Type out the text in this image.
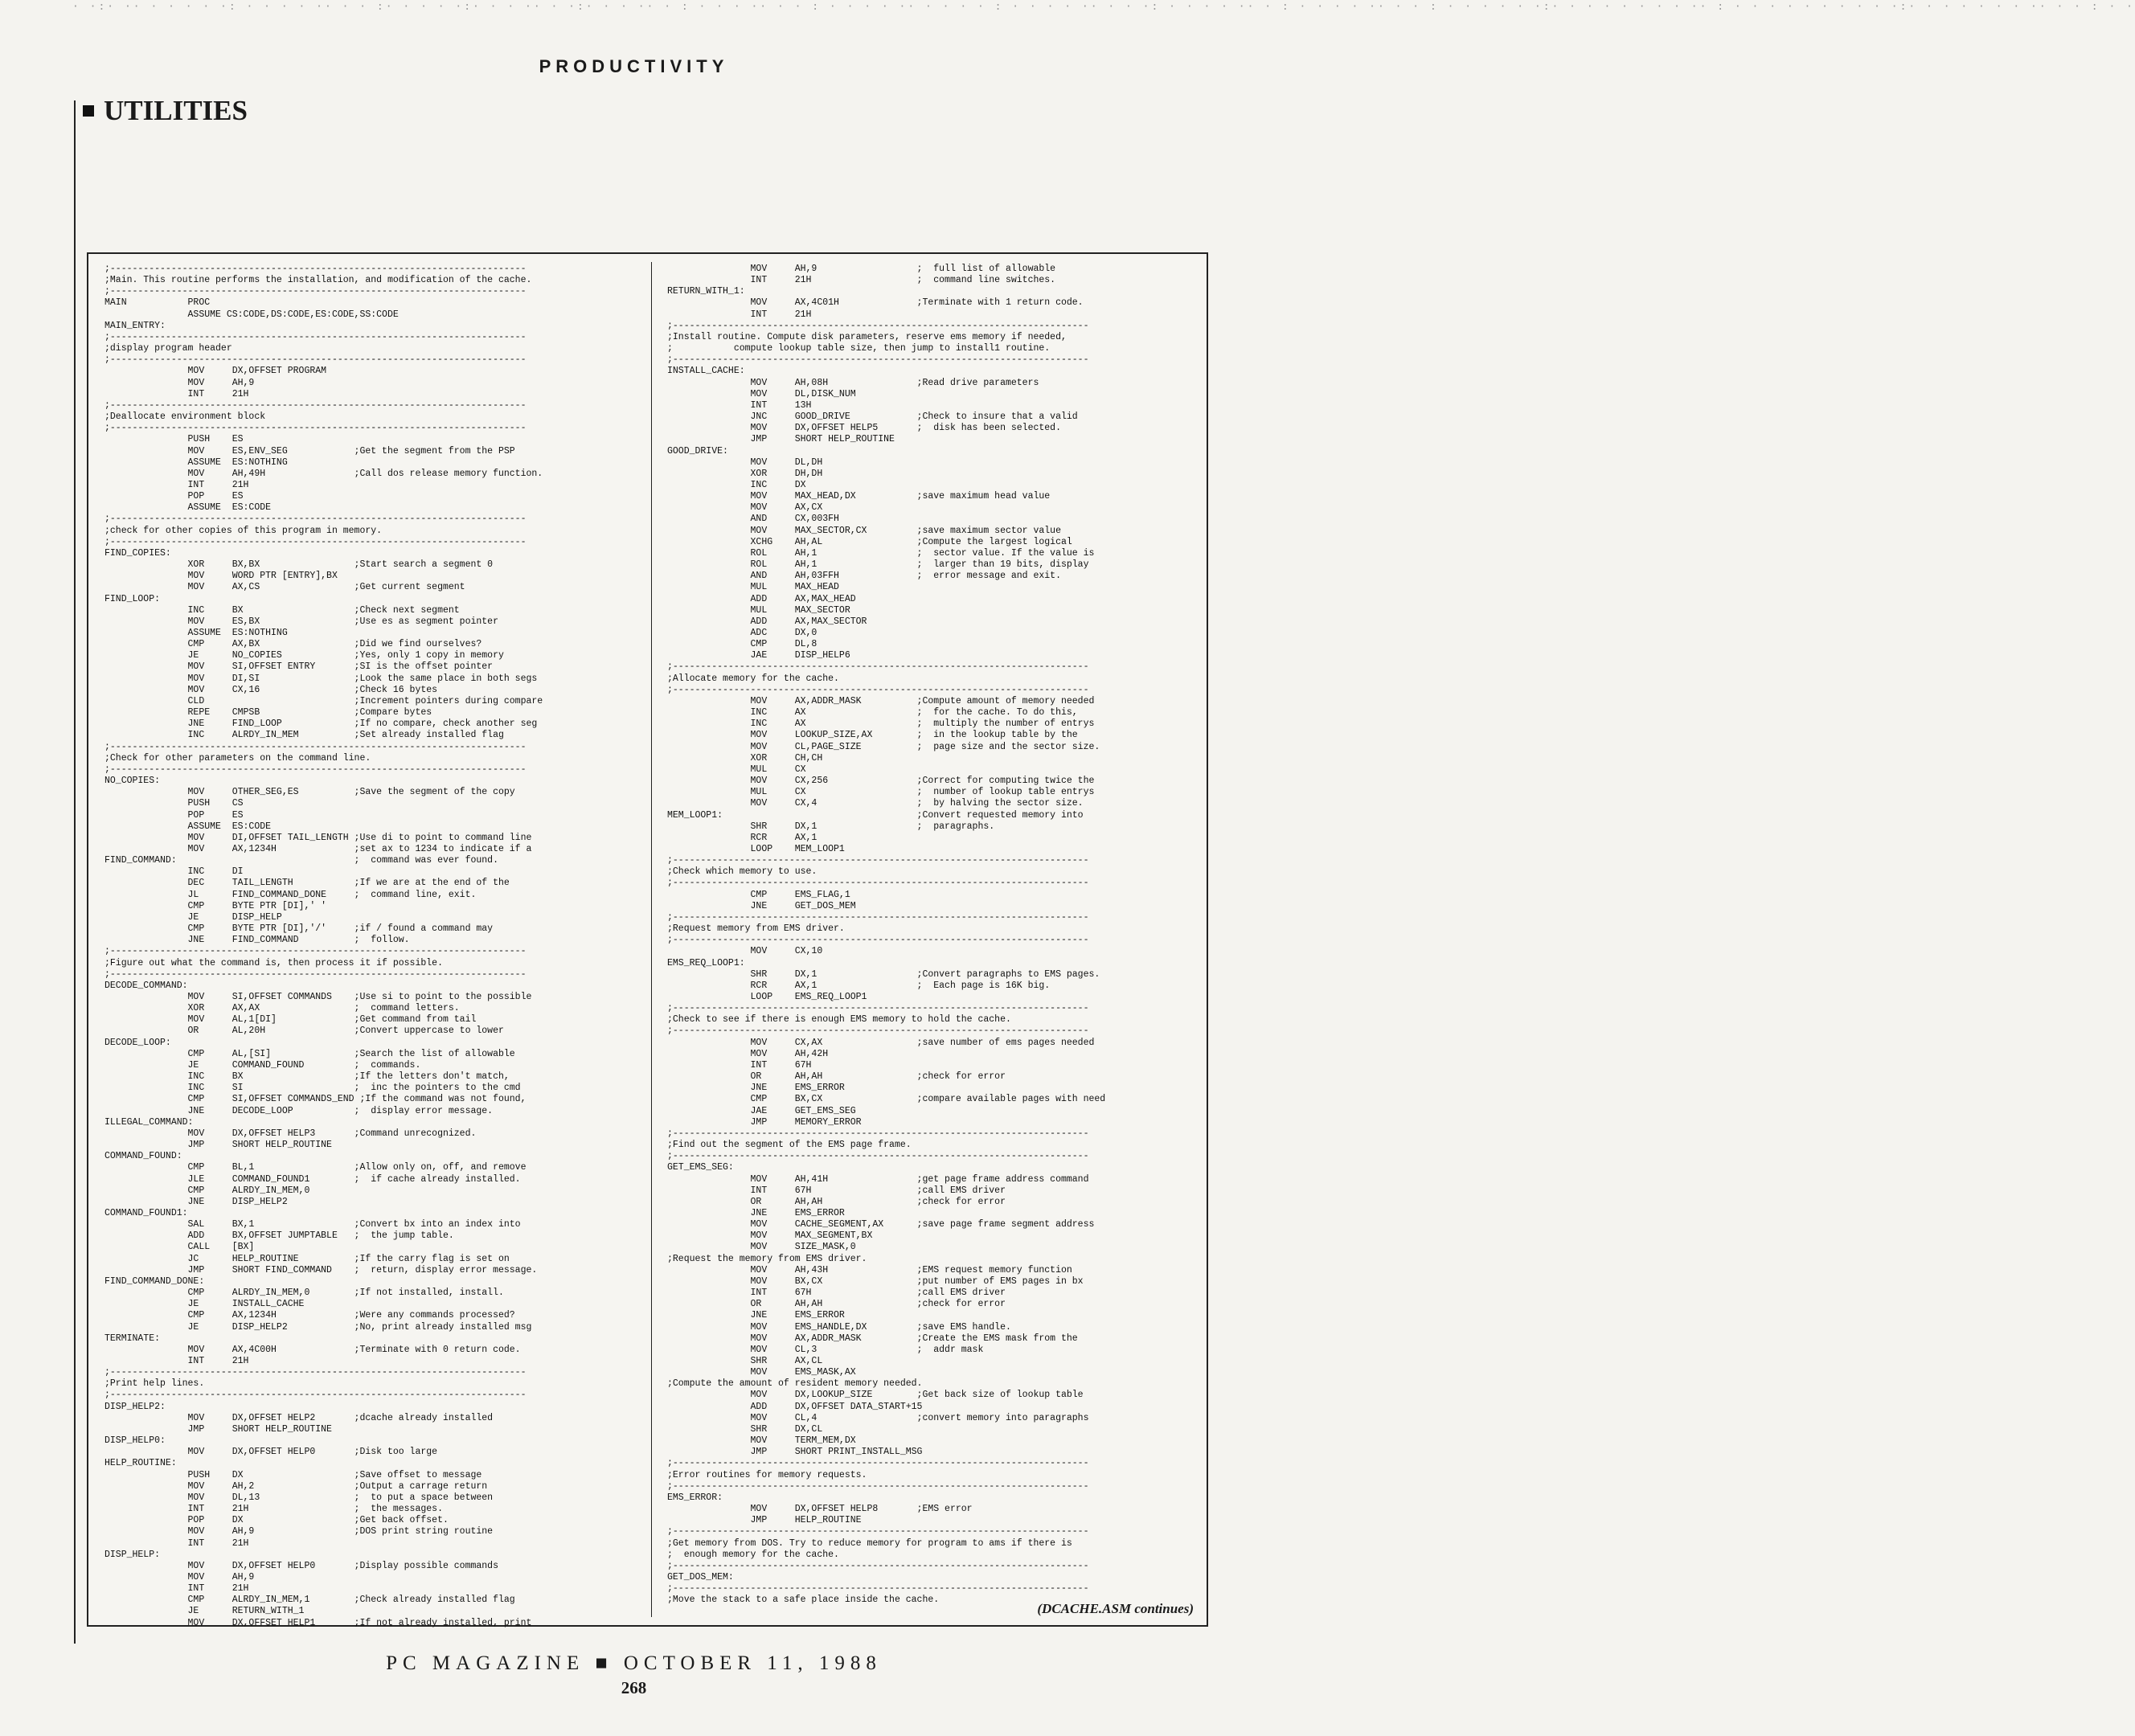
· ·:· ·· · · · · ·: · · · · ·· · · :· · · · ·:· · · ·· · ·:· · · ·· · : · · · ·· · · : · · · · ·· · · · · : · · · · ·· · · ·: · · · · ·· · : · · · · ·· · · : · · · · · ·:· · · · · · · · ·· : · · · · · · · · · ·:· · · · · · · ·· · · : · ·
PRODUCTIVITY
UTILITIES
;---------------------------------------------------------------------------
;Main. This routine performs the installation, and modification of the cache.
;---------------------------------------------------------------------------
MAIN           PROC
ASSUME CS:CODE,DS:CODE,ES:CODE,SS:CODE
MAIN_ENTRY:
;---------------------------------------------------------------------------
;display program header
;---------------------------------------------------------------------------
MOV     DX,OFFSET PROGRAM
MOV     AH,9
INT     21H
;---------------------------------------------------------------------------
;Deallocate environment block
;---------------------------------------------------------------------------
PUSH    ES
MOV     ES,ENV_SEG            ;Get the segment from the PSP
ASSUME  ES:NOTHING
MOV     AH,49H                ;Call dos release memory function.
INT     21H
POP     ES
ASSUME  ES:CODE
;---------------------------------------------------------------------------
;check for other copies of this program in memory.
;---------------------------------------------------------------------------
FIND_COPIES:
XOR     BX,BX                 ;Start search a segment 0
MOV     WORD PTR [ENTRY],BX
MOV     AX,CS                 ;Get current segment
FIND_LOOP:
INC     BX                    ;Check next segment
MOV     ES,BX                 ;Use es as segment pointer
ASSUME  ES:NOTHING
CMP     AX,BX                 ;Did we find ourselves?
JE      NO_COPIES             ;Yes, only 1 copy in memory
MOV     SI,OFFSET ENTRY       ;SI is the offset pointer
MOV     DI,SI                 ;Look the same place in both segs
MOV     CX,16                 ;Check 16 bytes
CLD                           ;Increment pointers during compare
REPE    CMPSB                 ;Compare bytes
JNE     FIND_LOOP             ;If no compare, check another seg
INC     ALRDY_IN_MEM          ;Set already installed flag
;---------------------------------------------------------------------------
;Check for other parameters on the command line.
;---------------------------------------------------------------------------
NO_COPIES:
MOV     OTHER_SEG,ES          ;Save the segment of the copy
PUSH    CS
POP     ES
ASSUME  ES:CODE
MOV     DI,OFFSET TAIL_LENGTH ;Use di to point to command line
MOV     AX,1234H              ;set ax to 1234 to indicate if a
FIND_COMMAND:                                ;  command was ever found.
INC     DI
DEC     TAIL_LENGTH           ;If we are at the end of the
JL      FIND_COMMAND_DONE     ;  command line, exit.
CMP     BYTE PTR [DI],' '
JE      DISP_HELP
CMP     BYTE PTR [DI],'/'     ;if / found a command may
JNE     FIND_COMMAND          ;  follow.
;---------------------------------------------------------------------------
;Figure out what the command is, then process it if possible.
;---------------------------------------------------------------------------
DECODE_COMMAND:
MOV     SI,OFFSET COMMANDS    ;Use si to point to the possible
XOR     AX,AX                 ;  command letters.
MOV     AL,1[DI]              ;Get command from tail
OR      AL,20H                ;Convert uppercase to lower
DECODE_LOOP:
CMP     AL,[SI]               ;Search the list of allowable
JE      COMMAND_FOUND         ;  commands.
INC     BX                    ;If the letters don't match,
INC     SI                    ;  inc the pointers to the cmd
CMP     SI,OFFSET COMMANDS_END ;If the command was not found,
JNE     DECODE_LOOP           ;  display error message.
ILLEGAL_COMMAND:
MOV     DX,OFFSET HELP3       ;Command unrecognized.
JMP     SHORT HELP_ROUTINE
COMMAND_FOUND:
CMP     BL,1                  ;Allow only on, off, and remove
JLE     COMMAND_FOUND1        ;  if cache already installed.
CMP     ALRDY_IN_MEM,0
JNE     DISP_HELP2
COMMAND_FOUND1:
SAL     BX,1                  ;Convert bx into an index into
ADD     BX,OFFSET JUMPTABLE   ;  the jump table.
CALL    [BX]
JC      HELP_ROUTINE          ;If the carry flag is set on
JMP     SHORT FIND_COMMAND    ;  return, display error message.
FIND_COMMAND_DONE:
CMP     ALRDY_IN_MEM,0        ;If not installed, install.
JE      INSTALL_CACHE
CMP     AX,1234H              ;Were any commands processed?
JE      DISP_HELP2            ;No, print already installed msg
TERMINATE:
MOV     AX,4C00H              ;Terminate with 0 return code.
INT     21H
;---------------------------------------------------------------------------
;Print help lines.
;---------------------------------------------------------------------------
DISP_HELP2:
MOV     DX,OFFSET HELP2       ;dcache already installed
JMP     SHORT HELP_ROUTINE
DISP_HELP0:
MOV     DX,OFFSET HELP0       ;Disk too large
HELP_ROUTINE:
PUSH    DX                    ;Save offset to message
MOV     AH,2                  ;Output a carrage return
MOV     DL,13                 ;  to put a space between
INT     21H                   ;  the messages.
POP     DX                    ;Get back offset.
MOV     AH,9                  ;DOS print string routine
INT     21H
DISP_HELP:
MOV     DX,OFFSET HELP0       ;Display possible commands
MOV     AH,9
INT     21H
CMP     ALRDY_IN_MEM,1        ;Check already installed flag
JE      RETURN_WITH_1
MOV     DX,OFFSET HELP1       ;If not already installed, print
MOV     AH,9                  ;  full list of allowable
INT     21H                   ;  command line switches.
RETURN_WITH_1:
MOV     AX,4C01H              ;Terminate with 1 return code.
INT     21H
;---------------------------------------------------------------------------
;Install routine. Compute disk parameters, reserve ems memory if needed,
;           compute lookup table size, then jump to install1 routine.
;---------------------------------------------------------------------------
INSTALL_CACHE:
MOV     AH,08H                ;Read drive parameters
MOV     DL,DISK_NUM
INT     13H
JNC     GOOD_DRIVE            ;Check to insure that a valid
MOV     DX,OFFSET HELP5       ;  disk has been selected.
JMP     SHORT HELP_ROUTINE
GOOD_DRIVE:
MOV     DL,DH
XOR     DH,DH
INC     DX
MOV     MAX_HEAD,DX           ;save maximum head value
MOV     AX,CX
AND     CX,003FH
MOV     MAX_SECTOR,CX         ;save maximum sector value
XCHG    AH,AL                 ;Compute the largest logical
ROL     AH,1                  ;  sector value. If the value is
ROL     AH,1                  ;  larger than 19 bits, display
AND     AH,03FFH              ;  error message and exit.
MUL     MAX_HEAD
ADD     AX,MAX_HEAD
MUL     MAX_SECTOR
ADD     AX,MAX_SECTOR
ADC     DX,0
CMP     DL,8
JAE     DISP_HELP6
;---------------------------------------------------------------------------
;Allocate memory for the cache.
;---------------------------------------------------------------------------
MOV     AX,ADDR_MASK          ;Compute amount of memory needed
INC     AX                    ;  for the cache. To do this,
INC     AX                    ;  multiply the number of entrys
MOV     LOOKUP_SIZE,AX        ;  in the lookup table by the
MOV     CL,PAGE_SIZE          ;  page size and the sector size.
XOR     CH,CH
MUL     CX
MOV     CX,256                ;Correct for computing twice the
MUL     CX                    ;  number of lookup table entrys
MOV     CX,4                  ;  by halving the sector size.
MEM_LOOP1:                                   ;Convert requested memory into
SHR     DX,1                  ;  paragraphs.
RCR     AX,1
LOOP    MEM_LOOP1
;---------------------------------------------------------------------------
;Check which memory to use.
;---------------------------------------------------------------------------
CMP     EMS_FLAG,1
JNE     GET_DOS_MEM
;---------------------------------------------------------------------------
;Request memory from EMS driver.
;---------------------------------------------------------------------------
MOV     CX,10
EMS_REQ_LOOP1:
SHR     DX,1                  ;Convert paragraphs to EMS pages.
RCR     AX,1                  ;  Each page is 16K big.
LOOP    EMS_REQ_LOOP1
;---------------------------------------------------------------------------
;Check to see if there is enough EMS memory to hold the cache.
;---------------------------------------------------------------------------
MOV     CX,AX                 ;save number of ems pages needed
MOV     AH,42H
INT     67H
OR      AH,AH                 ;check for error
JNE     EMS_ERROR
CMP     BX,CX                 ;compare available pages with need
JAE     GET_EMS_SEG
JMP     MEMORY_ERROR
;---------------------------------------------------------------------------
;Find out the segment of the EMS page frame.
;---------------------------------------------------------------------------
GET_EMS_SEG:
MOV     AH,41H                ;get page frame address command
INT     67H                   ;call EMS driver
OR      AH,AH                 ;check for error
JNE     EMS_ERROR
MOV     CACHE_SEGMENT,AX      ;save page frame segment address
MOV     MAX_SEGMENT,BX
MOV     SIZE_MASK,0
;Request the memory from EMS driver.
MOV     AH,43H                ;EMS request memory function
MOV     BX,CX                 ;put number of EMS pages in bx
INT     67H                   ;call EMS driver
OR      AH,AH                 ;check for error
JNE     EMS_ERROR
MOV     EMS_HANDLE,DX         ;save EMS handle.
MOV     AX,ADDR_MASK          ;Create the EMS mask from the
MOV     CL,3                  ;  addr mask
SHR     AX,CL
MOV     EMS_MASK,AX
;Compute the amount of resident memory needed.
MOV     DX,LOOKUP_SIZE        ;Get back size of lookup table
ADD     DX,OFFSET DATA_START+15
MOV     CL,4                  ;convert memory into paragraphs
SHR     DX,CL
MOV     TERM_MEM,DX
JMP     SHORT PRINT_INSTALL_MSG
;---------------------------------------------------------------------------
;Error routines for memory requests.
;---------------------------------------------------------------------------
EMS_ERROR:
MOV     DX,OFFSET HELP8       ;EMS error
JMP     HELP_ROUTINE
;---------------------------------------------------------------------------
;Get memory from DOS. Try to reduce memory for program to ams if there is
;  enough memory for the cache.
;---------------------------------------------------------------------------
GET_DOS_MEM:
;---------------------------------------------------------------------------
;Move the stack to a safe place inside the cache.
(DCACHE.ASM continues)
PC MAGAZINE ■ OCTOBER 11, 1988
268
